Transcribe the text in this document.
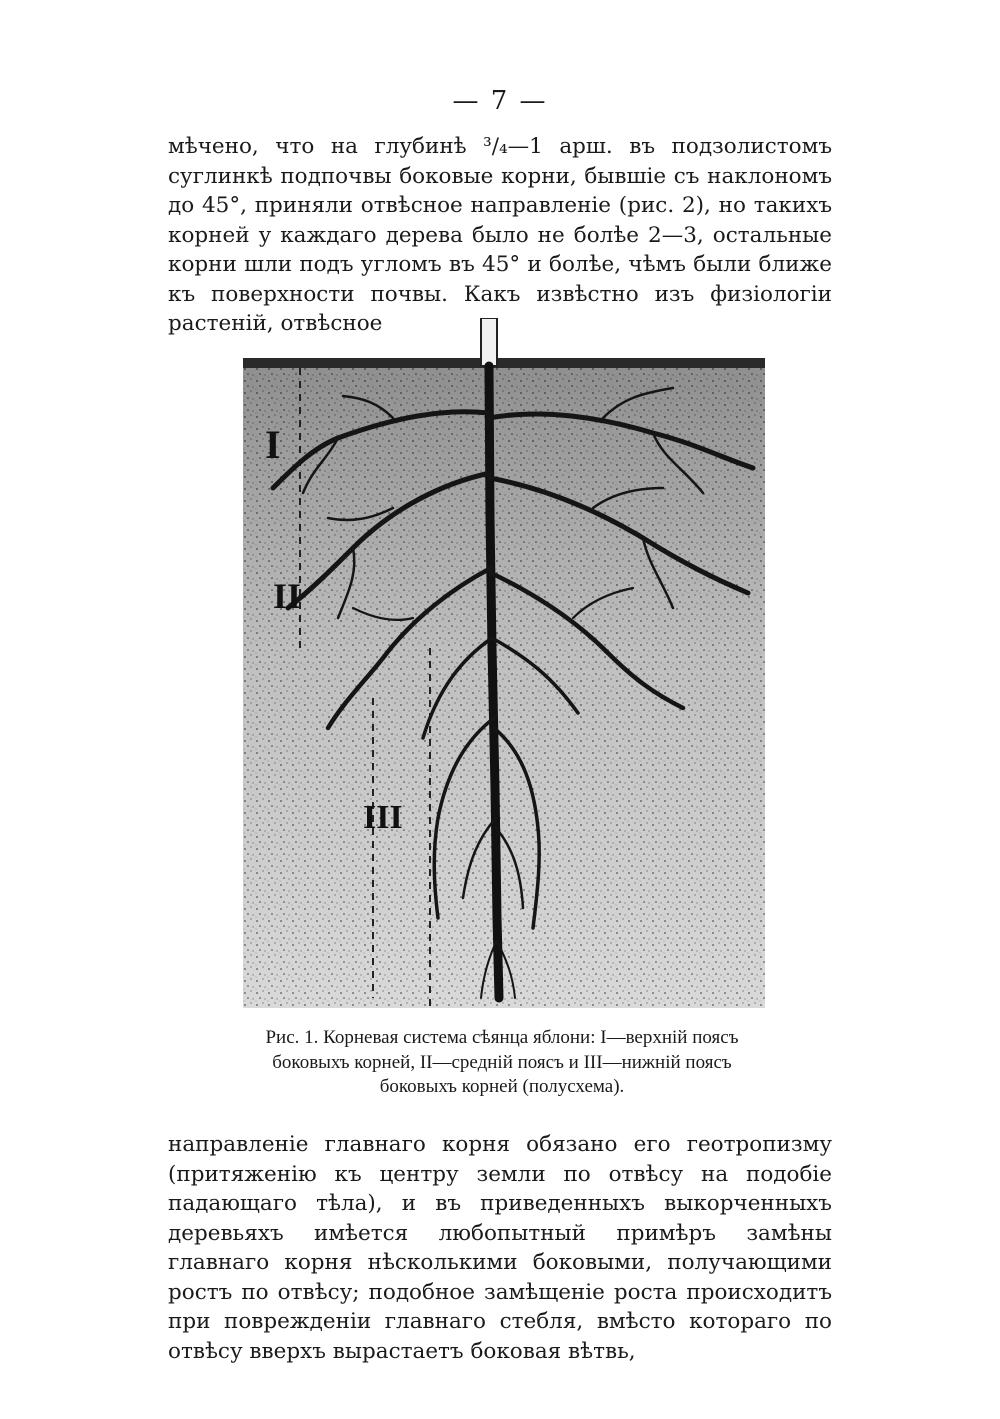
— 7 —

мѣчено, что на глубинѣ ³/₄—1 арш. въ подзолистомъ суглинкѣ подпочвы боковые корни, бывшіе съ наклономъ до 45°, приняли отвѣсное направленіе (рис. 2), но такихъ корней у каждаго дерева было не болѣе 2—3, остальные корни шли подъ угломъ въ 45° и болѣе, чѣмъ были ближе къ поверхности почвы. Какъ извѣстно изъ физіологіи растеній, отвѣсное

I
II
III
Рис. 1. Корневая система сѣянца яблони: I—верхній поясъ боковыхъ корней, II—средній поясъ и III—нижній поясъ боковыхъ корней (полусхема).

направленіе главнаго корня обязано его геотропизму (притяженію къ центру земли по отвѣсу на подобіе падающаго тѣла), и въ приведенныхъ выкорченныхъ деревьяхъ имѣется любопытный примѣръ замѣны главнаго корня нѣсколькими боковыми, получающими ростъ по отвѣсу; подобное замѣщеніе роста происходитъ при поврежденіи главнаго стебля, вмѣсто котораго по отвѣсу вверхъ вырастаетъ боковая вѣтвь,
